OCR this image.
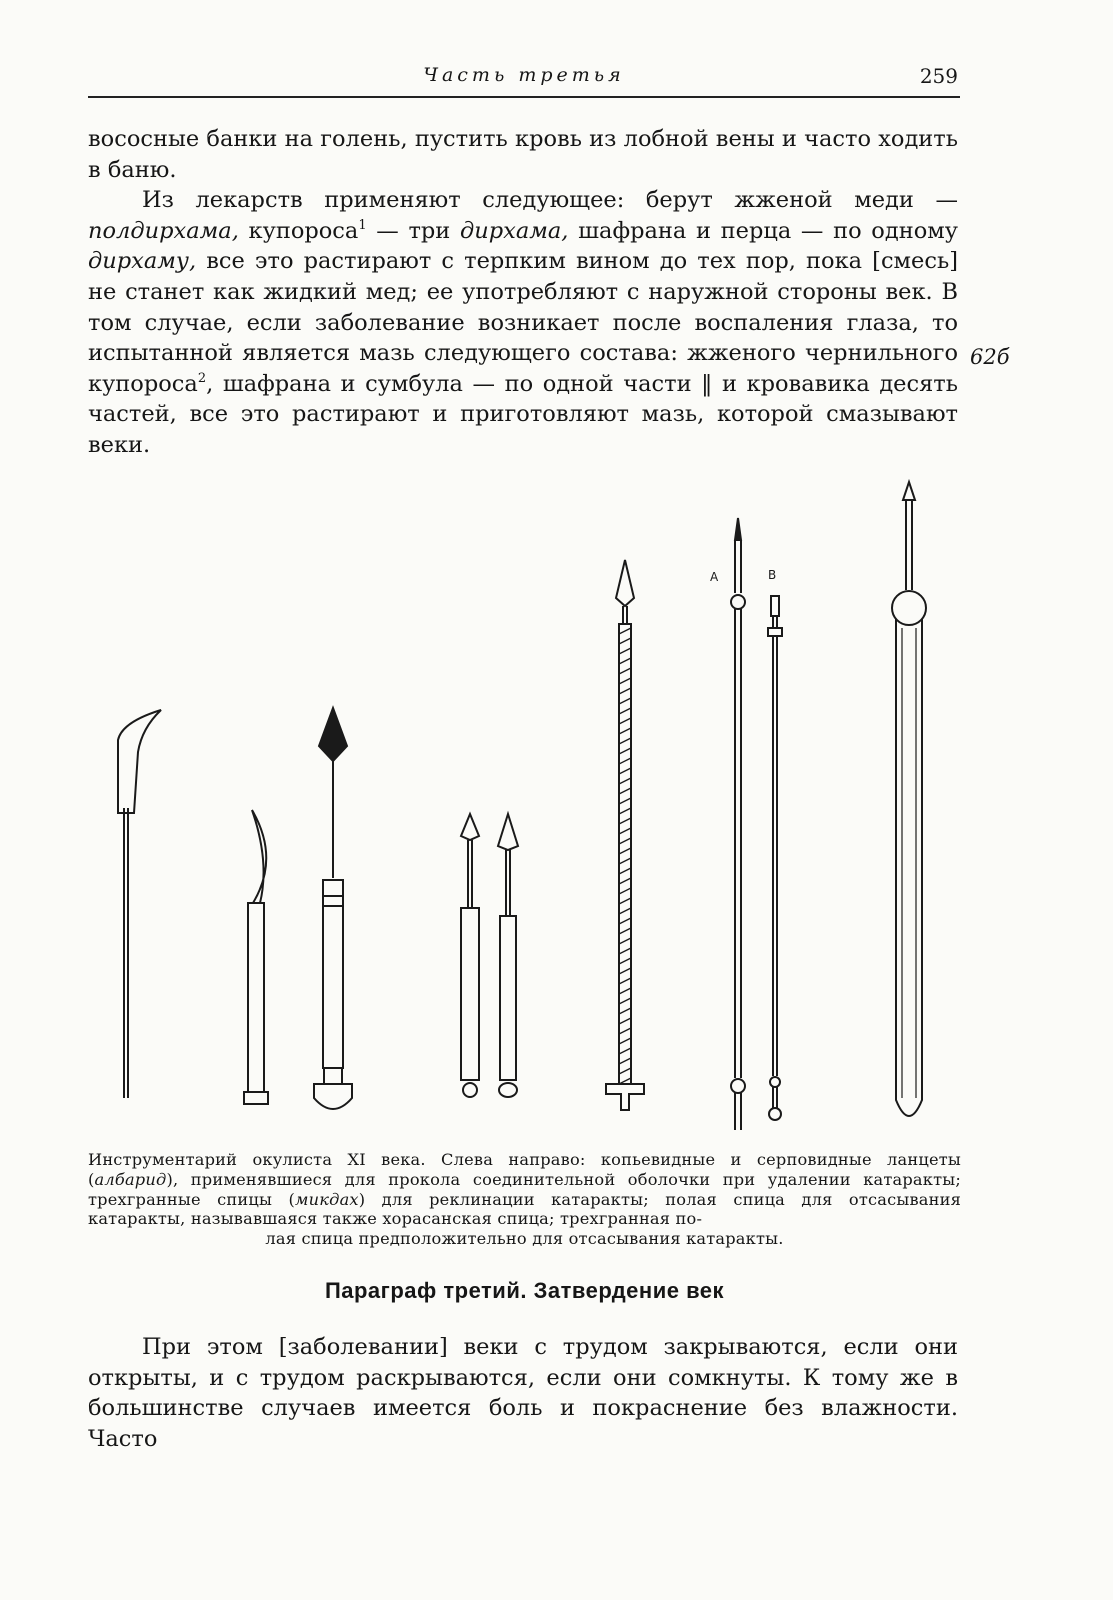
Часть третья	259

вососные банки на голень, пустить кровь из лобной вены и часто ходить в баню.

Из лекарств применяют следующее: берут жженой меди — полдирхама, купороса$^1$ — три дирхама, шафрана и перца — по одному дирхаму, все это растирают с терпким вином до тех пор, пока [смесь] не станет как жидкий мед; ее употребляют с наружной стороны век. В том случае, если заболевание возникает после воспаления глаза, то испытанной является мазь следующего состава: жженого чернильного купороса$^2$, шафрана и сумбула — по одной части ‖ и кровавика десять частей, все это растирают и приготовляют мазь, которой смазывают веки.

62б
А	В
Инструментарий окулиста XI века. Слева направо: копьевидные и серповидные ланцеты (албарид), применявшиеся для прокола соединительной оболочки при удалении катаракты; трехгранные спицы (микдах) для реклинации катаракты; полая спица для отсасывания катаракты, называвшаяся также хорасанская спица; трехгранная по-
лая спица предположительно для отсасывания катаракты.
Параграф третий. Затвердение век

При этом [заболевании] веки с трудом закрываются, если они открыты, и с трудом раскрываются, если они сомкнуты. К тому же в большинстве случаев имеется боль и покраснение без влажности. Часто
